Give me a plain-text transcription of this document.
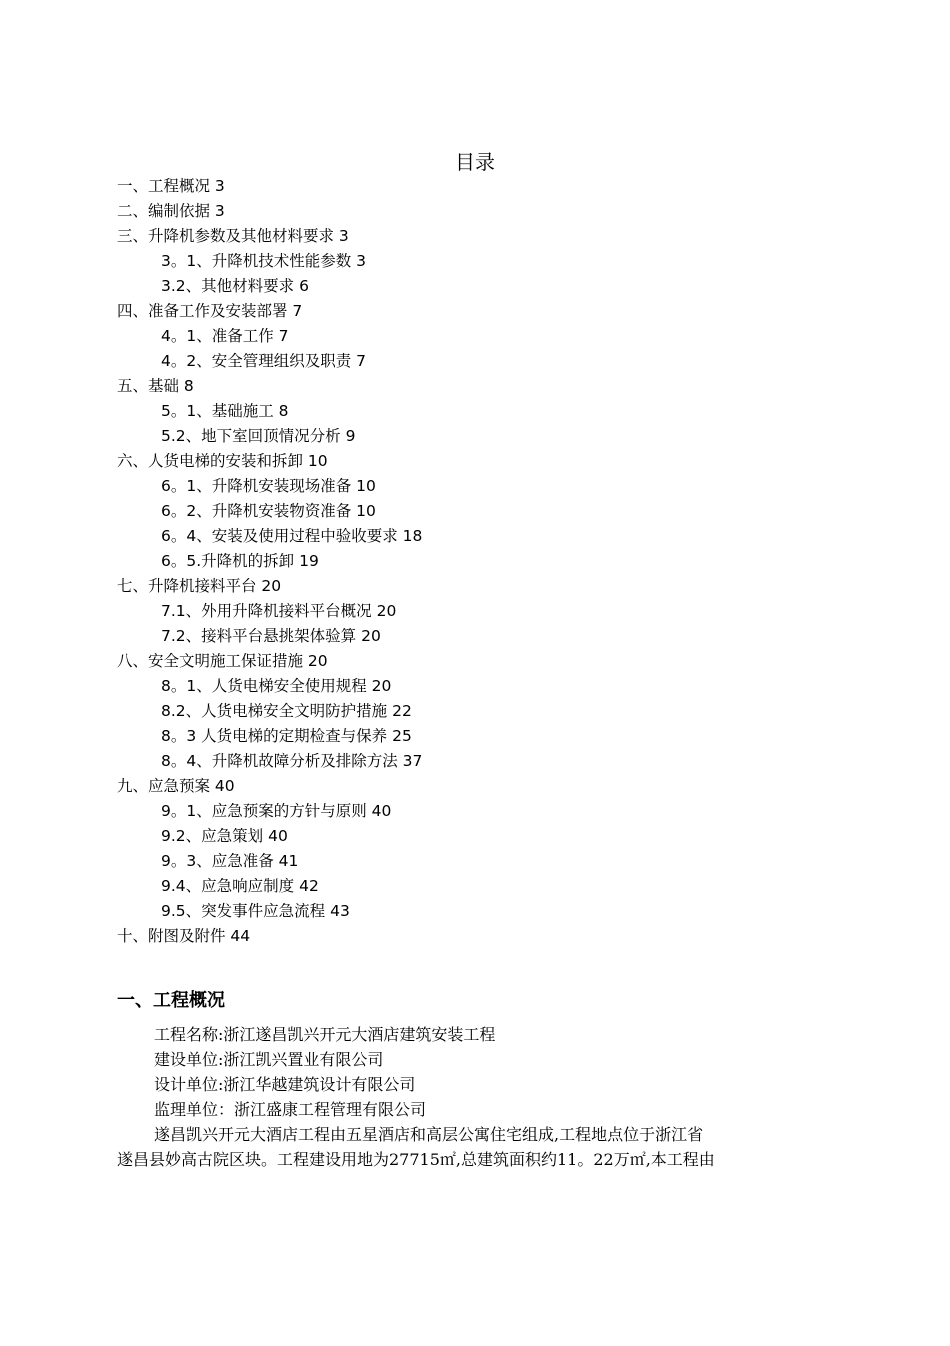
目录
一、工程概况 3
二、编制依据 3
三、升降机参数及其他材料要求 3
3。1、升降机技术性能参数 3
3.2、其他材料要求 6
四、准备工作及安装部署 7
4。1、准备工作 7
4。2、安全管理组织及职责 7
五、基础 8
5。1、基础施工 8
5.2、地下室回顶情况分析 9
六、人货电梯的安装和拆卸 10
6。1、升降机安装现场准备 10
6。2、升降机安装物资准备 10
6。4、安装及使用过程中验收要求 18
6。5.升降机的拆卸 19
七、升降机接料平台 20
7.1、外用升降机接料平台概况 20
7.2、接料平台悬挑架体验算 20
八、安全文明施工保证措施 20
8。1、人货电梯安全使用规程 20
8.2、人货电梯安全文明防护措施 22
8。3 人货电梯的定期检查与保养 25
8。4、升降机故障分析及排除方法 37
九、应急预案 40
9。1、应急预案的方针与原则 40
9.2、应急策划 40
9。3、应急准备 41
9.4、应急响应制度 42
9.5、突发事件应急流程 43
十、附图及附件 44
一、工程概况
工程名称:浙江遂昌凯兴开元大酒店建筑安装工程
建设单位:浙江凯兴置业有限公司
设计单位:浙江华越建筑设计有限公司
监理单位：浙江盛康工程管理有限公司
遂昌凯兴开元大酒店工程由五星酒店和高层公寓住宅组成,工程地点位于浙江省
遂昌县妙高古院区块。工程建设用地为27715㎡,总建筑面积约11。22万㎡,本工程由
